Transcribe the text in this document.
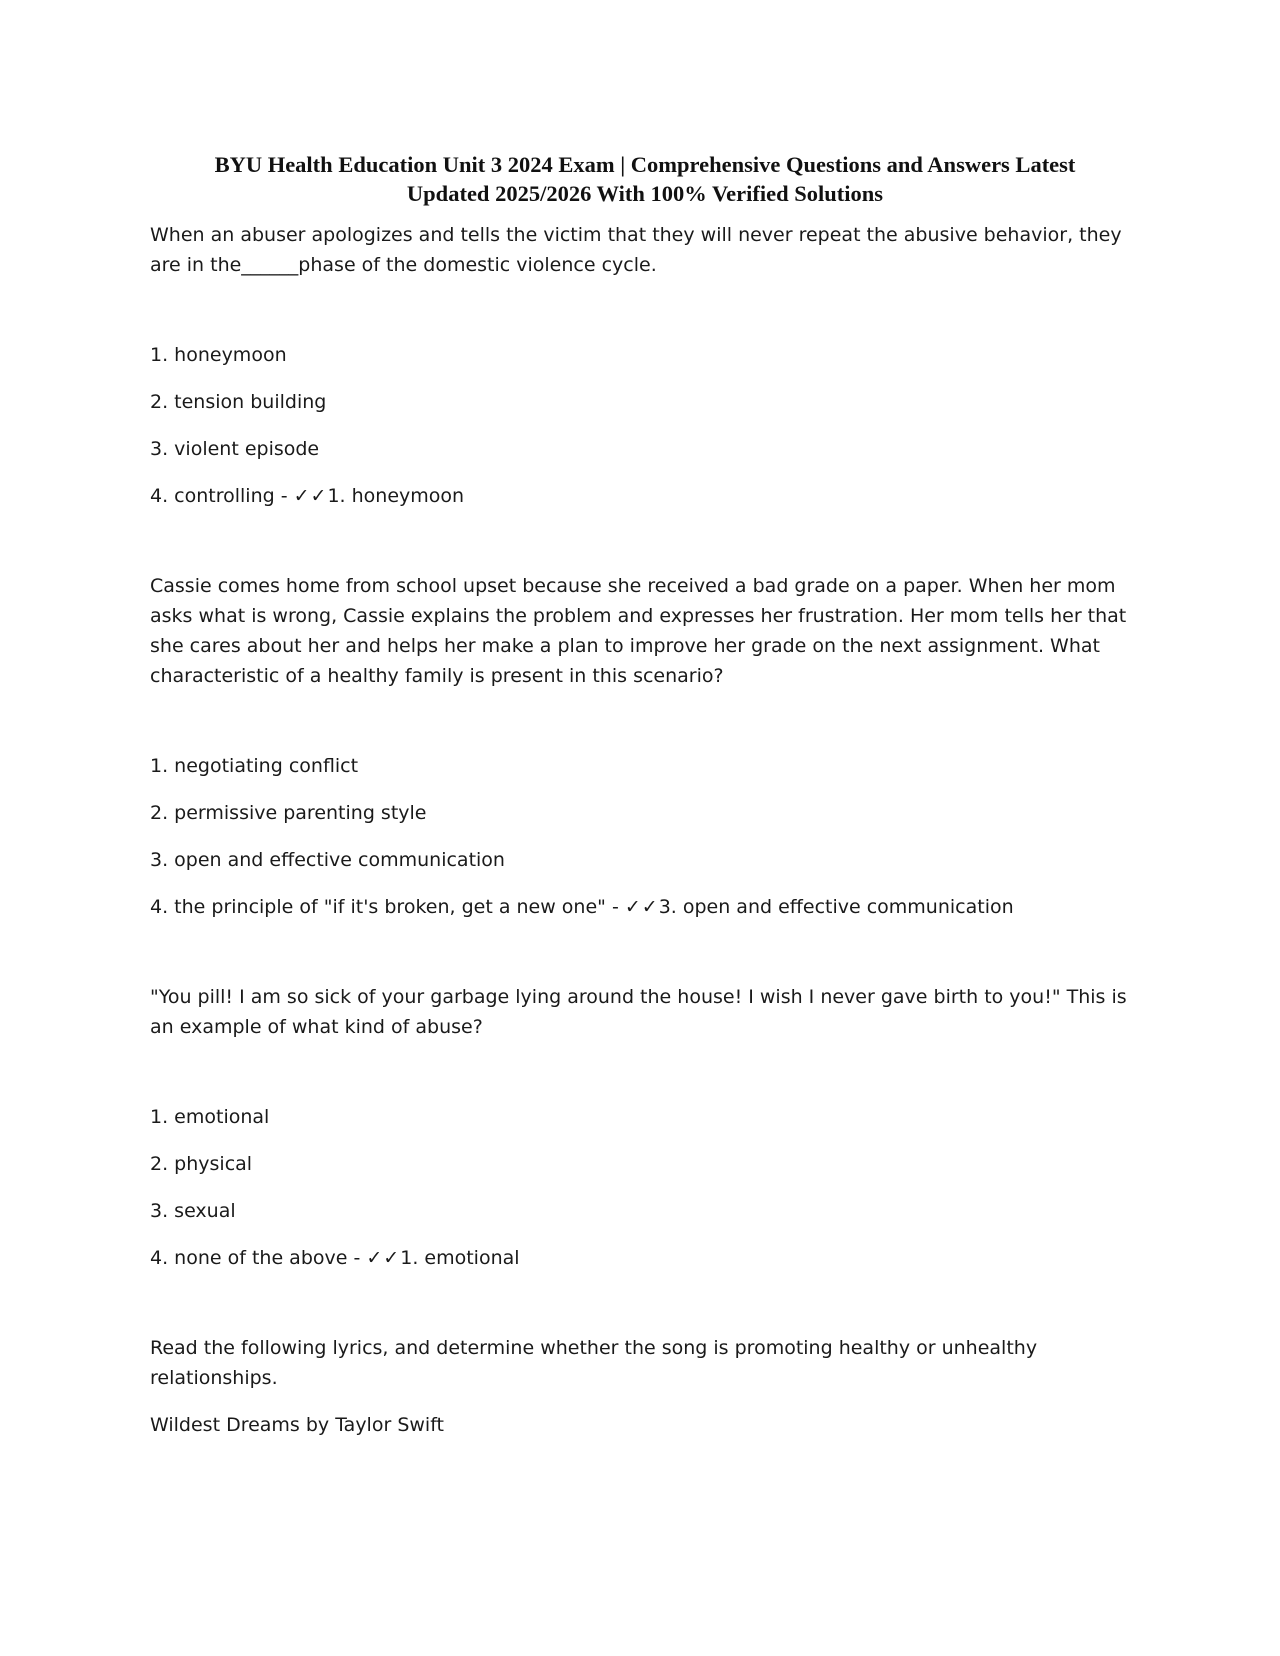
BYU Health Education Unit 3 2024 Exam | Comprehensive Questions and Answers Latest
Updated 2025/2026 With 100% Verified Solutions

When an abuser apologizes and tells the victim that they will never repeat the abusive behavior, they are in the______phase of the domestic violence cycle.

1. honeymoon
2. tension building
3. violent episode
4. controlling - ✓✓1. honeymoon

Cassie comes home from school upset because she received a bad grade on a paper. When her mom asks what is wrong, Cassie explains the problem and expresses her frustration. Her mom tells her that she cares about her and helps her make a plan to improve her grade on the next assignment. What characteristic of a healthy family is present in this scenario?

1. negotiating conflict
2. permissive parenting style
3. open and effective communication
4. the principle of "if it's broken, get a new one" - ✓✓3. open and effective communication

"You pill! I am so sick of your garbage lying around the house! I wish I never gave birth to you!" This is an example of what kind of abuse?

1. emotional
2. physical
3. sexual
4. none of the above - ✓✓1. emotional

Read the following lyrics, and determine whether the song is promoting healthy or unhealthy relationships.

Wildest Dreams by Taylor Swift
